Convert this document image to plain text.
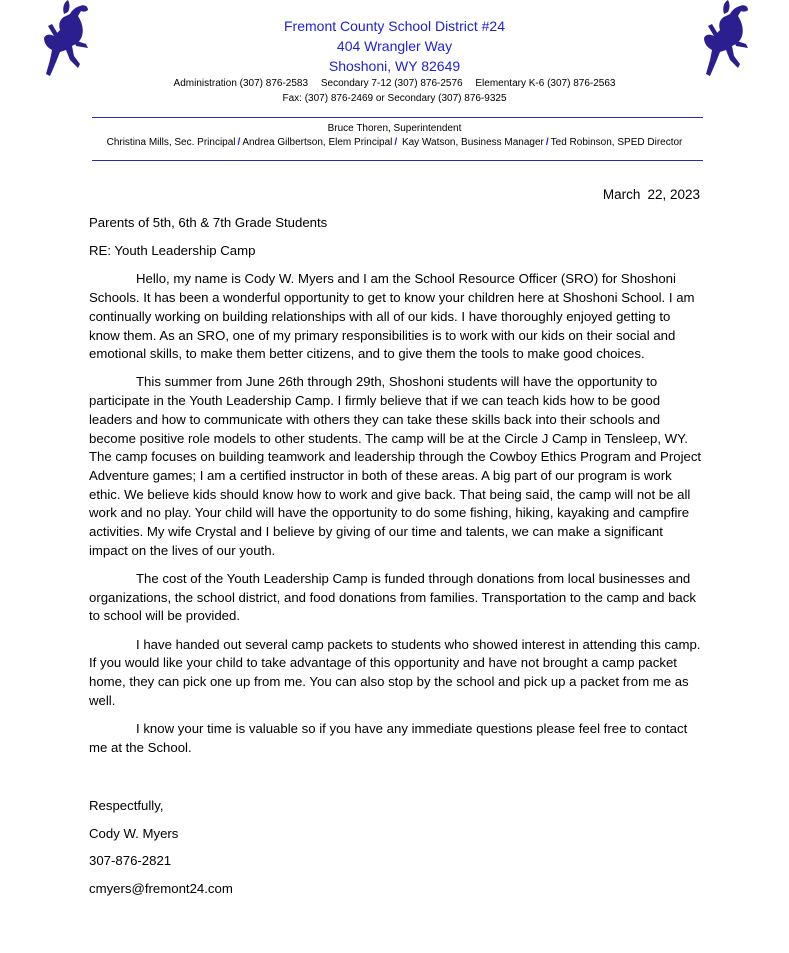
Fremont County School District #24

404 Wrangler Way

Shoshoni, WY 82649

Administration (307) 876-2583 Secondary 7-12 (307) 876-2576 Elementary K-6 (307) 876-2563

Fax: (307) 876-2469 or Secondary (307) 876-9325

Bruce Thoren, Superintendent
Christina Mills, Sec. Principal / Andrea Gilbertson, Elem Principal / Kay Watson, Business Manager / Ted Robinson, SPED Director
March 22, 2023

Parents of 5th, 6th & 7th Grade Students

RE: Youth Leadership Camp

Hello, my name is Cody W. Myers and I am the School Resource Officer (SRO) for Shoshoni Schools. It has been a wonderful opportunity to get to know your children here at Shoshoni School. I am continually working on building relationships with all of our kids. I have thoroughly enjoyed getting to know them. As an SRO, one of my primary responsibilities is to work with our kids on their social and emotional skills, to make them better citizens, and to give them the tools to make good choices.

This summer from June 26th through 29th, Shoshoni students will have the opportunity to participate in the Youth Leadership Camp. I firmly believe that if we can teach kids how to be good leaders and how to communicate with others they can take these skills back into their schools and become positive role models to other students. The camp will be at the Circle J Camp in Tensleep, WY. The camp focuses on building teamwork and leadership through the Cowboy Ethics Program and Project Adventure games; I am a certified instructor in both of these areas. A big part of our program is work ethic. We believe kids should know how to work and give back. That being said, the camp will not be all work and no play. Your child will have the opportunity to do some fishing, hiking, kayaking and campfire activities. My wife Crystal and I believe by giving of our time and talents, we can make a significant impact on the lives of our youth.

The cost of the Youth Leadership Camp is funded through donations from local businesses and organizations, the school district, and food donations from families. Transportation to the camp and back to school will be provided.

I have handed out several camp packets to students who showed interest in attending this camp. If you would like your child to take advantage of this opportunity and have not brought a camp packet home, they can pick one up from me. You can also stop by the school and pick up a packet from me as well.

I know your time is valuable so if you have any immediate questions please feel free to contact me at the School.

Respectfully,
Cody W. Myers
307-876-2821
cmyers@fremont24.com
